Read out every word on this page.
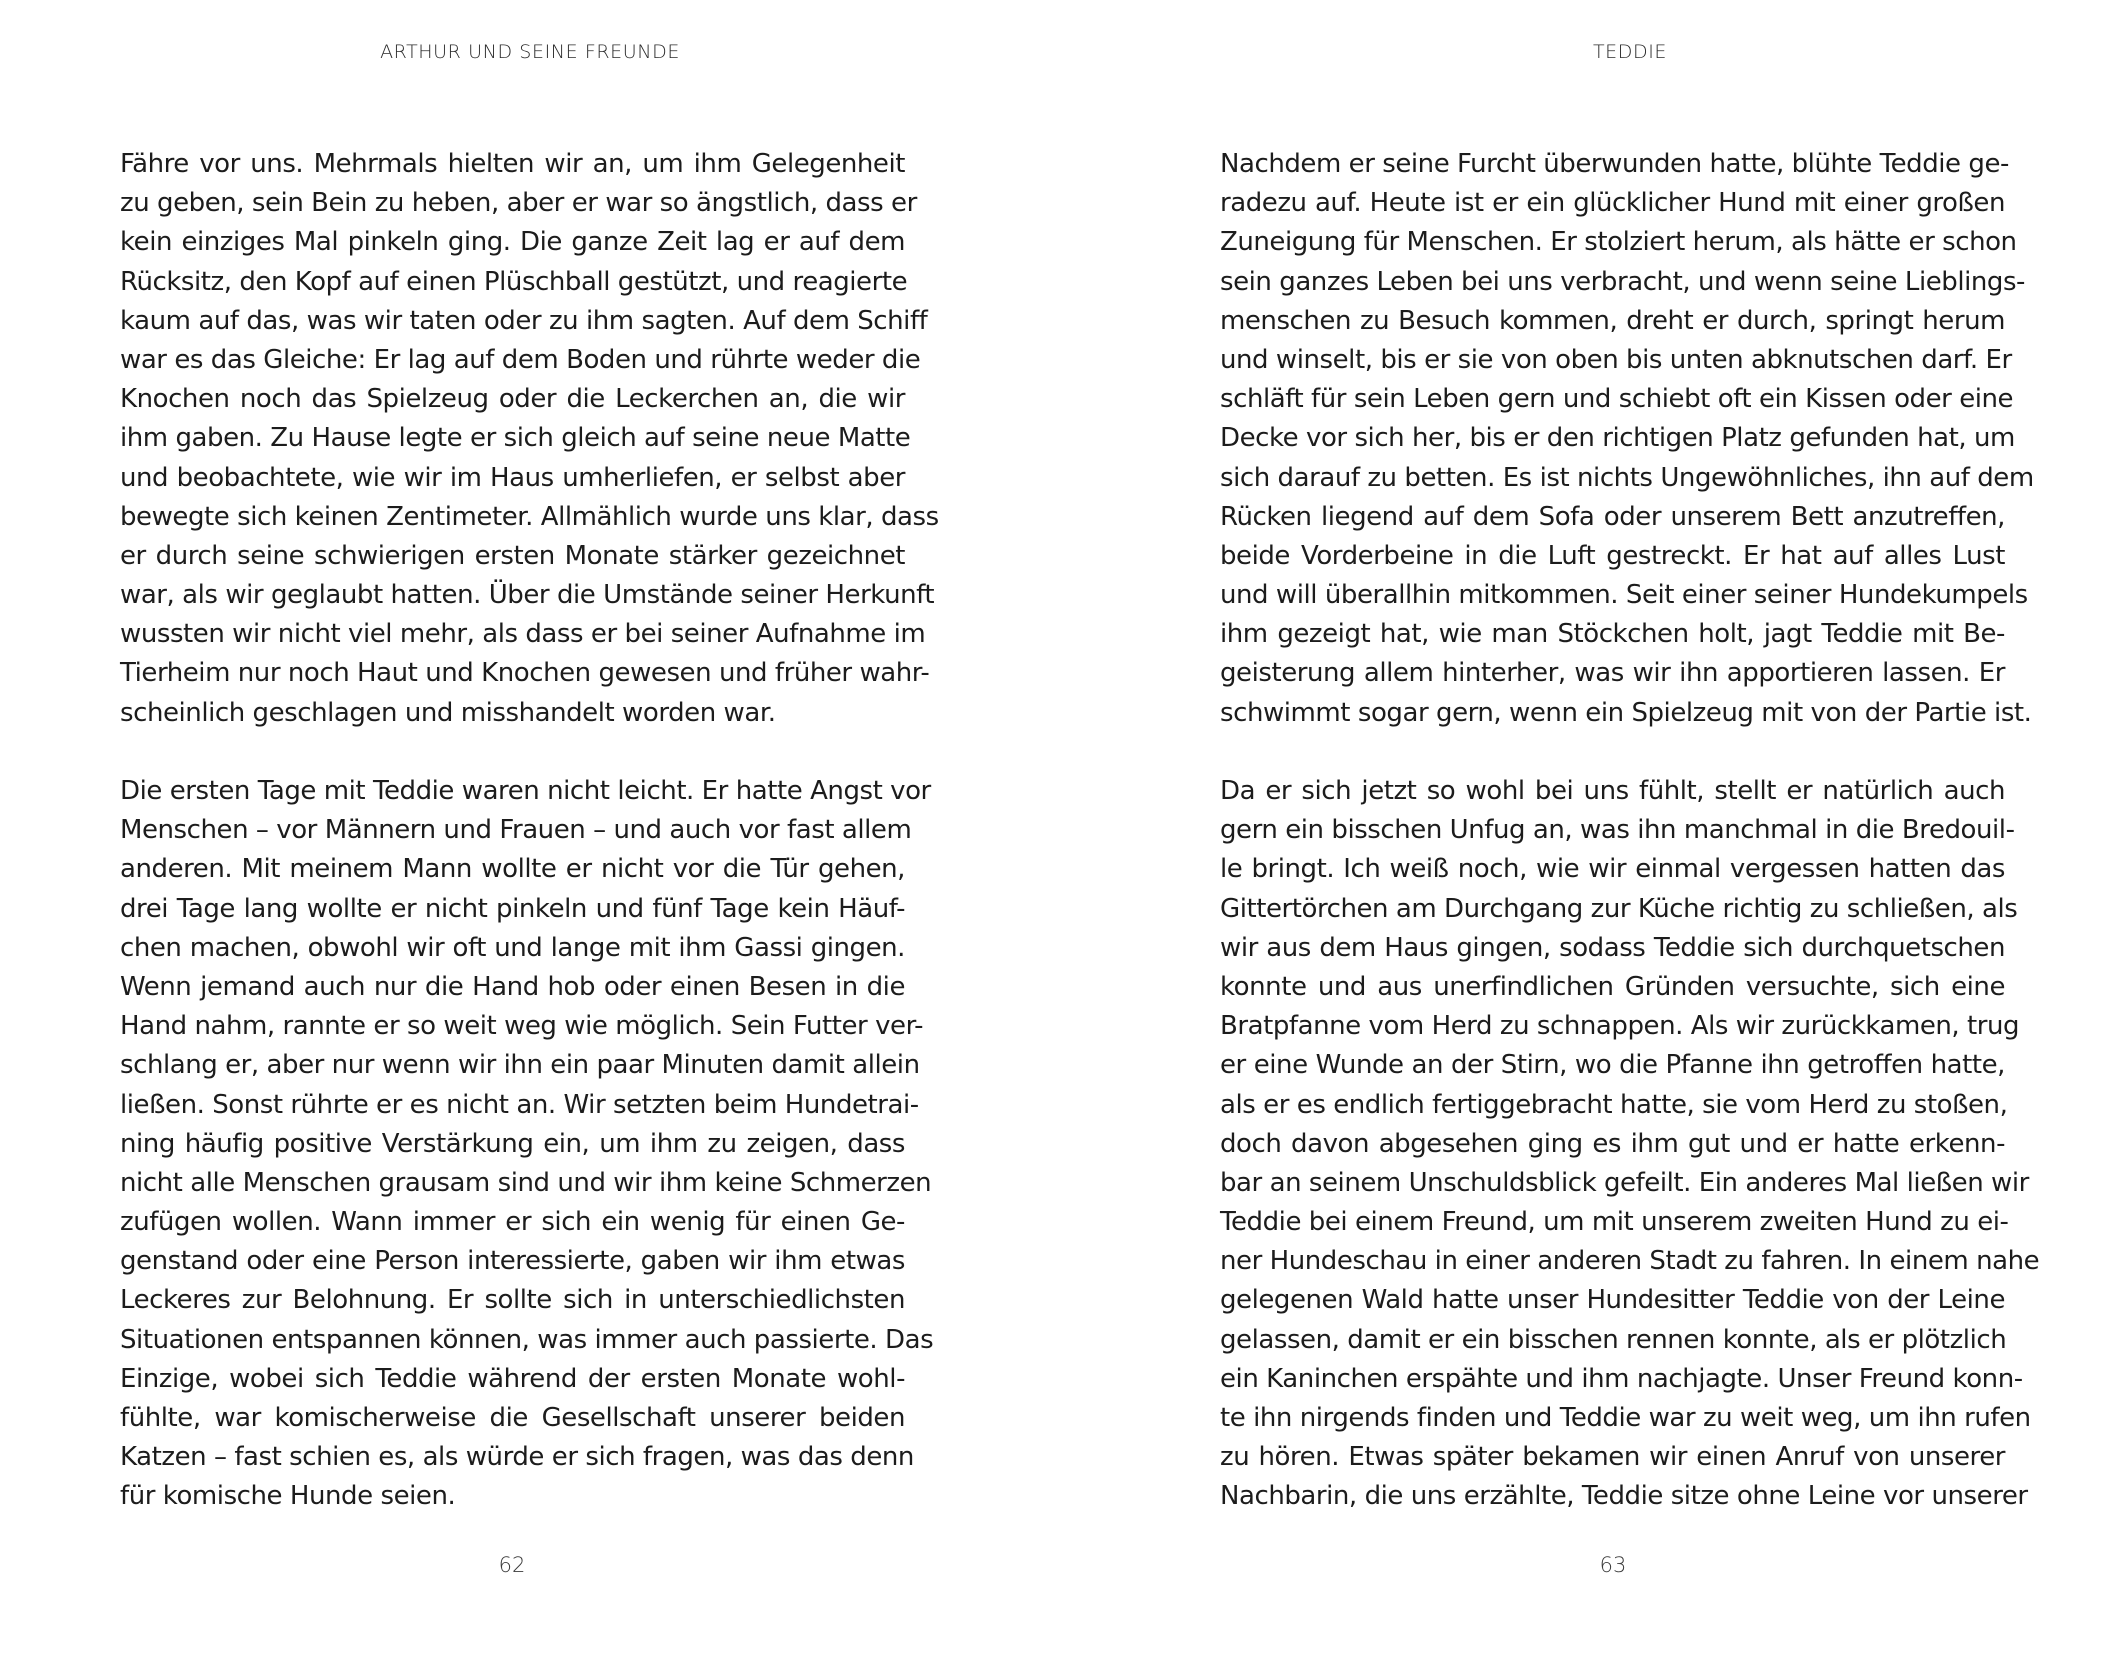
ARTHUR UND SEINE FREUNDE
Fähre vor uns. Mehrmals hielten wir an, um ihm Gelegenheit
zu geben, sein Bein zu heben, aber er war so ängstlich, dass er
kein einziges Mal pinkeln ging. Die ganze Zeit lag er auf dem
Rücksitz, den Kopf auf einen Plüschball gestützt, und reagierte
kaum auf das, was wir taten oder zu ihm sagten. Auf dem Schiff
war es das Gleiche: Er lag auf dem Boden und rührte weder die
Knochen noch das Spielzeug oder die Leckerchen an, die wir
ihm gaben. Zu Hause legte er sich gleich auf seine neue Matte
und beobachtete, wie wir im Haus umherliefen, er selbst aber
bewegte sich keinen Zentimeter. Allmählich wurde uns klar, dass
er durch seine schwierigen ersten Monate stärker gezeichnet
war, als wir geglaubt hatten. Über die Umstände seiner Herkunft
wussten wir nicht viel mehr, als dass er bei seiner Aufnahme im
Tierheim nur noch Haut und Knochen gewesen und früher wahr-
scheinlich geschlagen und misshandelt worden war.
Die ersten Tage mit Teddie waren nicht leicht. Er hatte Angst vor
Menschen – vor Männern und Frauen – und auch vor fast allem
anderen. Mit meinem Mann wollte er nicht vor die Tür gehen,
drei Tage lang wollte er nicht pinkeln und fünf Tage kein Häuf-
chen machen, obwohl wir oft und lange mit ihm Gassi gingen.
Wenn jemand auch nur die Hand hob oder einen Besen in die
Hand nahm, rannte er so weit weg wie möglich. Sein Futter ver-
schlang er, aber nur wenn wir ihn ein paar Minuten damit allein
ließen. Sonst rührte er es nicht an. Wir setzten beim Hundetrai-
ning häufig positive Verstärkung ein, um ihm zu zeigen, dass
nicht alle Menschen grausam sind und wir ihm keine Schmerzen
zufügen wollen. Wann immer er sich ein wenig für einen Ge-
genstand oder eine Person interessierte, gaben wir ihm etwas
Leckeres zur Belohnung. Er sollte sich in unterschiedlichsten
Situationen entspannen können, was immer auch passierte. Das
Einzige, wobei sich Teddie während der ersten Monate wohl-
fühlte, war komischerweise die Gesellschaft unserer beiden
Katzen – fast schien es, als würde er sich fragen, was das denn
für komische Hunde seien.
62
TEDDIE
Nachdem er seine Furcht überwunden hatte, blühte Teddie ge-
radezu auf. Heute ist er ein glücklicher Hund mit einer großen
Zuneigung für Menschen. Er stolziert herum, als hätte er schon
sein ganzes Leben bei uns verbracht, und wenn seine Lieblings-
menschen zu Besuch kommen, dreht er durch, springt herum
und winselt, bis er sie von oben bis unten abknutschen darf. Er
schläft für sein Leben gern und schiebt oft ein Kissen oder eine
Decke vor sich her, bis er den richtigen Platz gefunden hat, um
sich darauf zu betten. Es ist nichts Ungewöhnliches, ihn auf dem
Rücken liegend auf dem Sofa oder unserem Bett anzutreffen,
beide Vorderbeine in die Luft gestreckt. Er hat auf alles Lust
und will überallhin mitkommen. Seit einer seiner Hundekumpels
ihm gezeigt hat, wie man Stöckchen holt, jagt Teddie mit Be-
geisterung allem hinterher, was wir ihn apportieren lassen. Er
schwimmt sogar gern, wenn ein Spielzeug mit von der Partie ist.
Da er sich jetzt so wohl bei uns fühlt, stellt er natürlich auch
gern ein bisschen Unfug an, was ihn manchmal in die Bredouil-
le bringt. Ich weiß noch, wie wir einmal vergessen hatten das
Gittertörchen am Durchgang zur Küche richtig zu schließen, als
wir aus dem Haus gingen, sodass Teddie sich durchquetschen
konnte und aus unerfindlichen Gründen versuchte, sich eine
Bratpfanne vom Herd zu schnappen. Als wir zurückkamen, trug
er eine Wunde an der Stirn, wo die Pfanne ihn getroffen hatte,
als er es endlich fertiggebracht hatte, sie vom Herd zu stoßen,
doch davon abgesehen ging es ihm gut und er hatte erkenn-
bar an seinem Unschuldsblick gefeilt. Ein anderes Mal ließen wir
Teddie bei einem Freund, um mit unserem zweiten Hund zu ei-
ner Hundeschau in einer anderen Stadt zu fahren. In einem nahe
gelegenen Wald hatte unser Hundesitter Teddie von der Leine
gelassen, damit er ein bisschen rennen konnte, als er plötzlich
ein Kaninchen erspähte und ihm nachjagte. Unser Freund konn-
te ihn nirgends finden und Teddie war zu weit weg, um ihn rufen
zu hören. Etwas später bekamen wir einen Anruf von unserer
Nachbarin, die uns erzählte, Teddie sitze ohne Leine vor unserer
63
